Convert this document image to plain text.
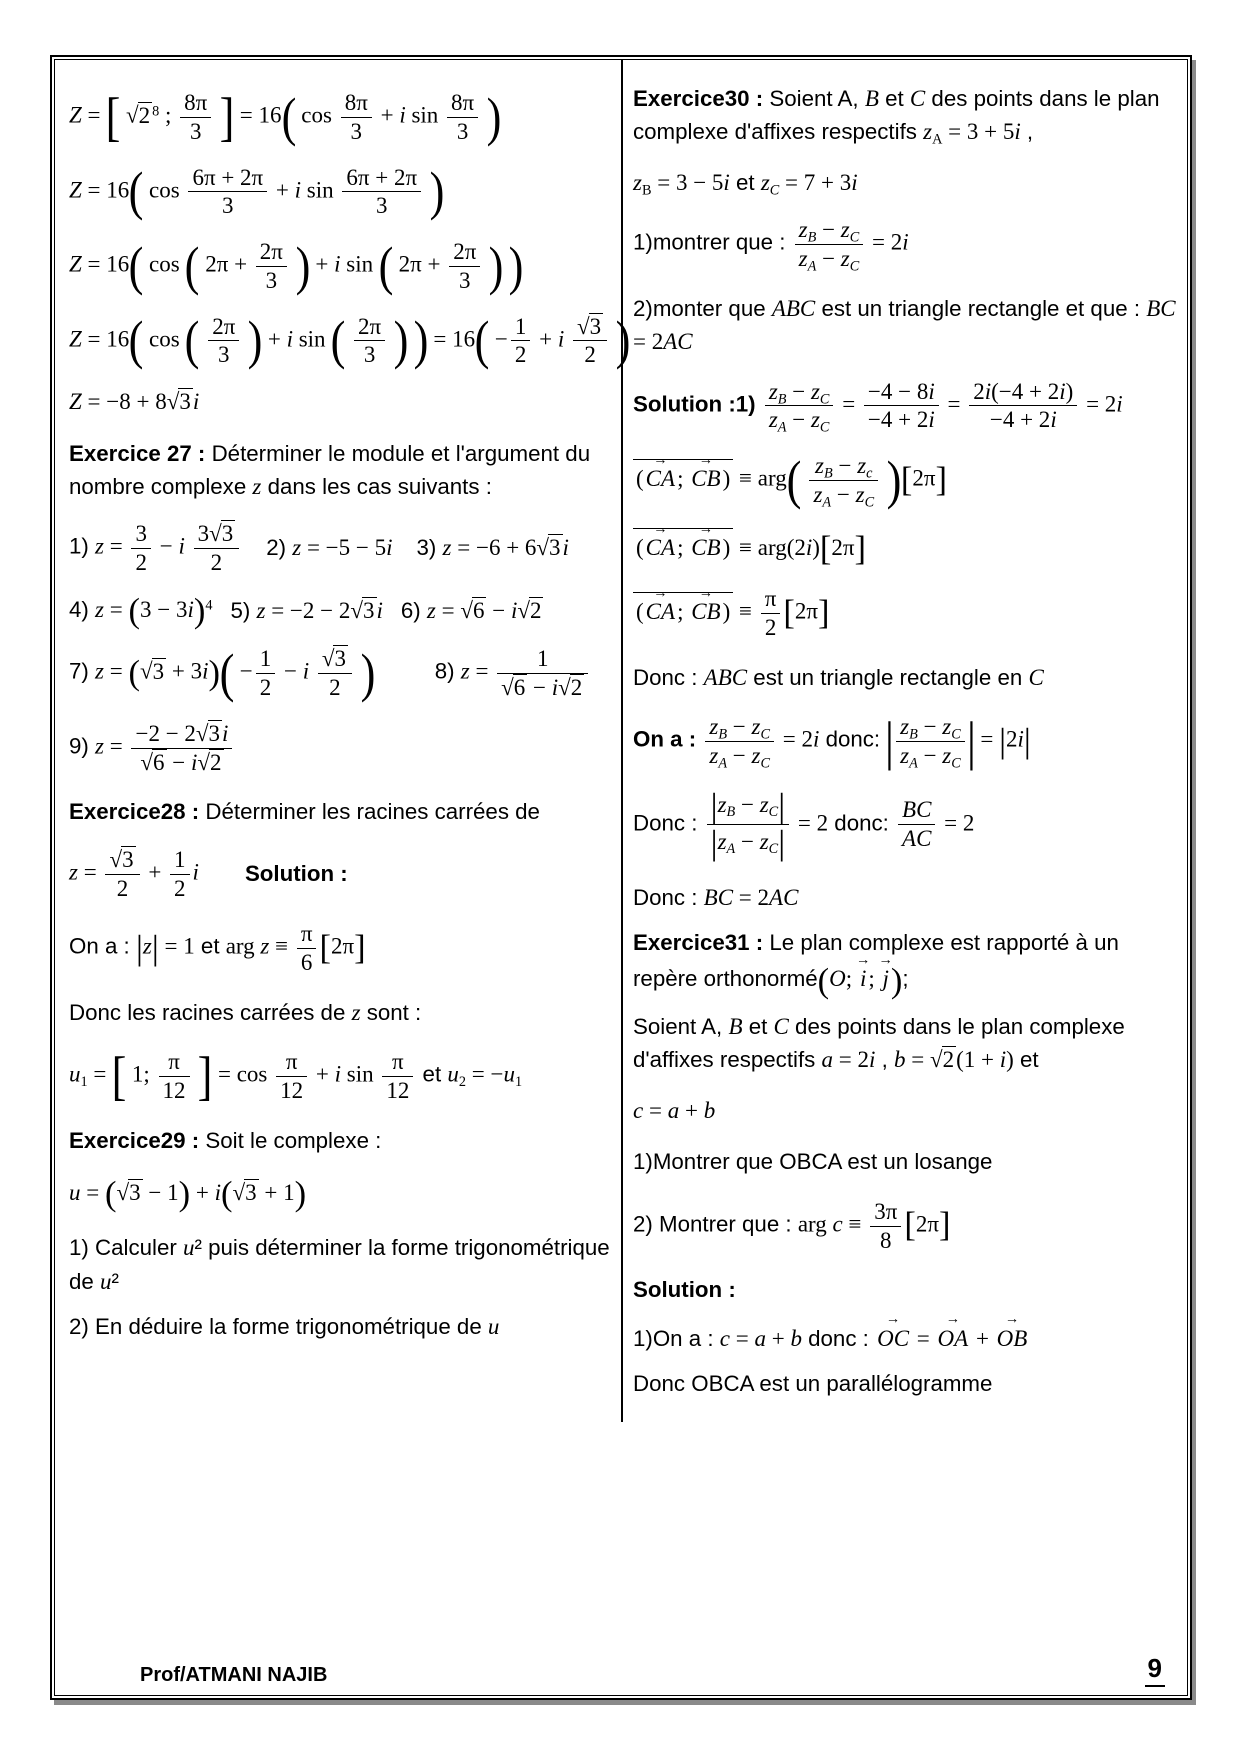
Z = [ √2 $^8$ ; $\frac{8\pi}{3}$ ] = 16( $\cos \frac{8\pi}{3} + i$ $\sin \frac{8\pi}{3}$ )
Z = 16( $\cos \frac{6\pi + 2\pi}{3} + i$ $\sin \frac{6\pi + 2\pi}{3}$ )
Z = 16( cos ( $2\pi + \frac{2\pi}{3}$ ) + i sin ( $2\pi + \frac{2\pi}{3}$ ) )
Z = 16( cos ( $\frac{2\pi}{3}$ ) + i sin ( $\frac{2\pi}{3}$ ) ) = $16( - \frac{1}{2} + i \frac{√3}{2}$ )
Z = −8 + 8√3i
Exercice 27 : Déterminer le module et l'argument du nombre complexe z dans les cas suivants :
1) $z = \frac{3}{2} - i \frac{3√3}{2} 2$) z = −5 − 5i 3) z = −6 + 6√3i
4) $z = (3 - 3i)^4$ 5) z = −2 − 2√3i 6) z = √6 − i√2
7) $z = (√3 + 3i)( - \frac{1}{2} - i \frac{√3}{2}$ )	8) $z = \frac{1}{√6 - i√2}$
9) $z = \frac{-2 - 2√3i}{√6 - i√2}$
Exercice28 : Déterminer les racines carrées de
$z = \frac{√3}{2} + \frac{1}{2}$ i Solution :
On a : |z| = 1 et arg $z \equiv \frac{\pi}{6} [2\pi]$
Donc les racines carrées de z sont :
$u_1$ = [ 1; $\frac{\pi}{12}$ ] = $\cos \frac{\pi}{12} + i$ $\sin \frac{\pi}{12}$ et $u_2 = -u_1$
Exercice29 : Soit le complexe :
u = (√3 − 1) + i(√3 + 1)
1) Calculer u² puis déterminer la forme trigonométrique de u²
2) En déduire la forme trigonométrique de u
Exercice30 : Soient A, B et C des points dans le plan complexe d'affixes respectifs $z_A = 3 + 5i$ ,
$z_B = 3 - 5i$ et $z_C = 7 + 3i$
1)montrer que : $\frac{z_B - z_C}{z_A - z_C} = 2i$
2)monter que ABC est un triangle rectangle et que : BC = 2AC
Solution :1) $\frac{z_B - z_C}{z_A - z_C} = \frac{-4 - 8i}{-4 + 2i} = \frac{2i(-4 + 2i)}{-4 + 2i} = 2i$
(CA →; CB →) ≡ $arg( \frac{z_B - z_c}{z_A - z_C} )[2\pi]$
(CA →; CB →) ≡ arg(2i)[2π]
(CA →; CB →) ≡ $\frac{\pi}{2} [2\pi]$
Donc : ABC est un triangle rectangle en C
On a : $\frac{z_B - z_C}{z_A - z_C} = 2i$ donc: | $\frac{z_B - z_C}{z_A - z_C}$ | = |2i|
Donc : $\frac{|z_B - z_C|}{|z_A - z_C|} = 2$ donc: $\frac{BC}{AC} = 2$
Donc : BC = 2AC
Exercice31 : Le plan complexe est rapporté à un repère orthonormé(O; i →; j →);
Soient A, B et C des points dans le plan complexe d'affixes respectifs a = 2i , b = √2(1 + i) et
c = a + b
1)Montrer que OBCA est un losange
2) Montrer que : arg $c \equiv \frac{3\pi}{8} [2\pi]$
Solution :
1)On a : c = a + b donc : OC → = OA → + OB →
Donc OBCA est un parallélogramme
Prof/ATMANI NAJIB	9
